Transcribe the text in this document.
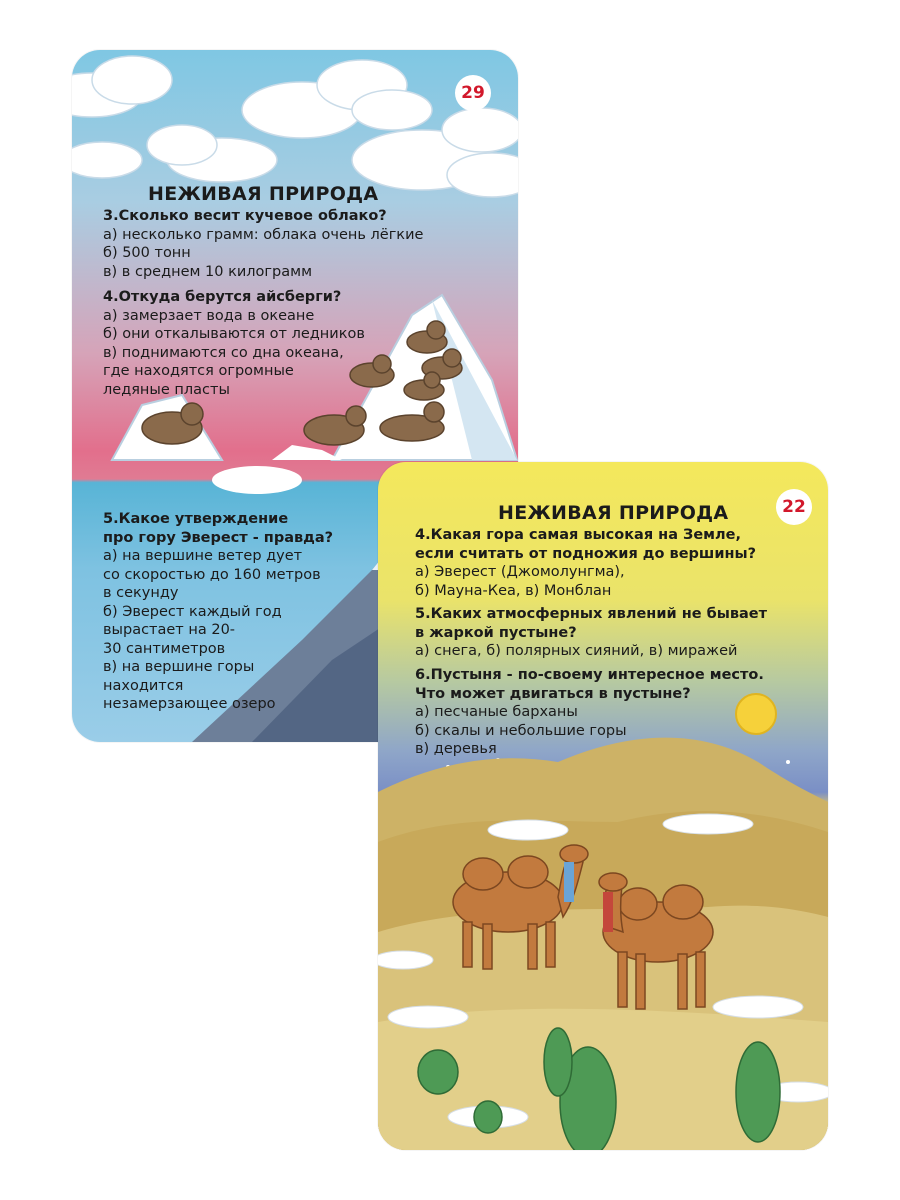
29
НЕЖИВАЯ ПРИРОДА
3.Сколько весит кучевое облако?
а) несколько грамм: облака очень лёгкие
б) 500 тонн
в) в среднем 10 килограмм
4.Откуда берутся айсберги?
а) замерзает вода в океане
б) они откалываются от ледников
в) поднимаются со дна океана,
где находятся огромные
ледяные пласты
5.Какое утверждение
про гору Эверест - правда?
а) на вершине ветер дует
со скоростью до 160 метров
в секунду
б) Эверест каждый год
вырастает на 20-
30 сантиметров
в) на вершине горы
находится
незамерзающее озеро
22
НЕЖИВАЯ ПРИРОДА
4.Какая гора самая высокая на Земле,
если считать от подножия до вершины?
а) Эверест (Джомолунгма),
б) Мауна-Кеа, в) Монблан
5.Каких атмосферных явлений не бывает
в жаркой пустыне?
а) снега, б) полярных сияний, в) миражей
6.Пустыня - по-своему интересное место.
Что может двигаться в пустыне?
а) песчаные барханы
б) скалы и небольшие горы
в) деревья
